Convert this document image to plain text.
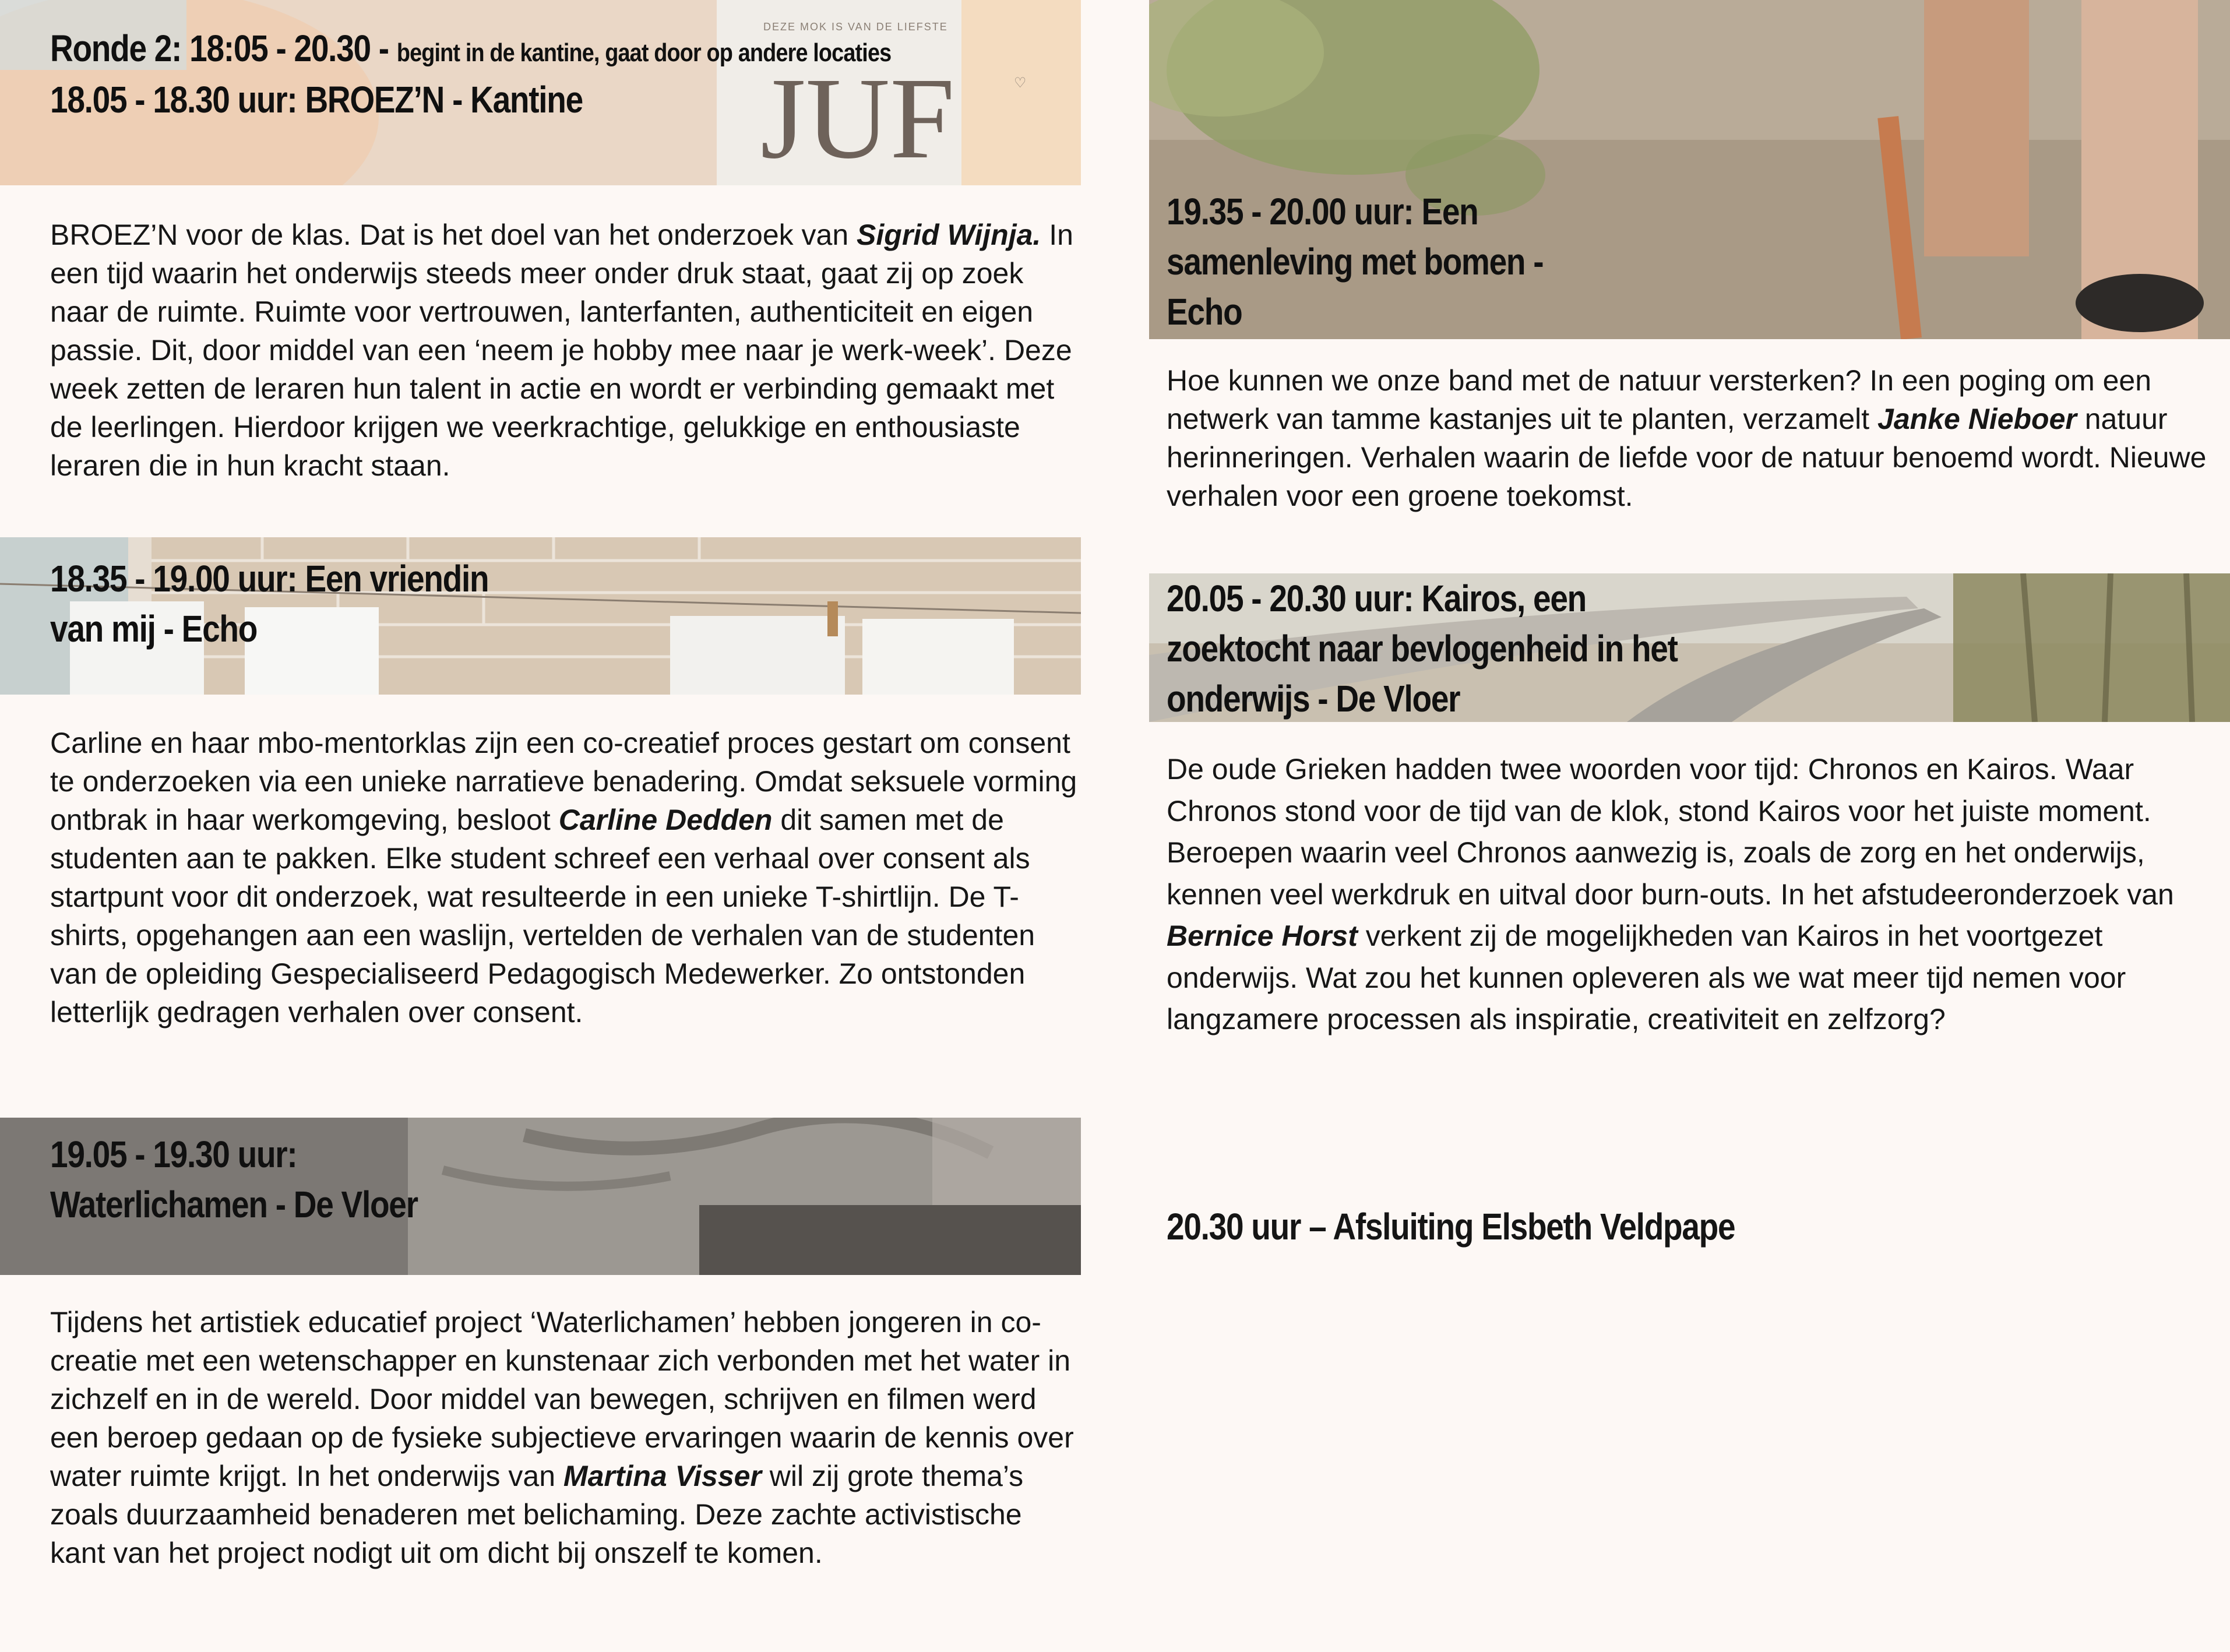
DEZE MOK IS VAN DE LIEFSTE
JUF	♡
Ronde 2: 18:05 - 20.30 - begint in de kantine, gaat door op andere locaties
18.05 - 18.30 uur: BROEZ’N - Kantine

BROEZ’N voor de klas. Dat is het doel van het onderzoek van Sigrid Wijnja. In een tijd waarin het onderwijs steeds meer onder druk staat, gaat zij op zoek naar de ruimte. Ruimte voor vertrouwen, lanterfanten, authenticiteit en eigen passie. Dit, door middel van een ‘neem je hobby mee naar je werk-week’. Deze week zetten de leraren hun talent in actie en wordt er verbinding gemaakt met de leerlingen. Hierdoor krijgen we veerkrachtige, gelukkige en enthousiaste leraren die in hun kracht staan.

18.35 - 19.00 uur: Een vriendin
van mij - Echo

Carline en haar mbo-mentorklas zijn een co-creatief proces gestart om consent te onderzoeken via een unieke narratieve benadering. Omdat seksuele vorming ontbrak in haar werkomgeving, besloot Carline Dedden dit samen met de studenten aan te pakken. Elke student schreef een verhaal over consent als startpunt voor dit onderzoek, wat resulteerde in een unieke T-shirtlijn. De T-shirts, opgehangen aan een waslijn, vertelden de verhalen van de studenten van de opleiding Gespecialiseerd Pedagogisch Medewerker. Zo ontstonden letterlijk gedragen verhalen over consent.

19.05 - 19.30 uur:
Waterlichamen - De Vloer

Tijdens het artistiek educatief project ‘Waterlichamen’ hebben jongeren in co-creatie met een wetenschapper en kunstenaar zich verbonden met het water in zichzelf en in de wereld. Door middel van bewegen, schrijven en filmen werd een beroep gedaan op de fysieke subjectieve ervaringen waarin de kennis over water ruimte krijgt. In het onderwijs van Martina Visser wil zij grote thema’s zoals duurzaamheid benaderen met belichaming. Deze zachte activistische kant van het project nodigt uit om dicht bij onszelf te komen.

19.35 - 20.00 uur: Een
samenleving met bomen -
Echo

Hoe kunnen we onze band met de natuur versterken? In een poging om een netwerk van tamme kastanjes uit te planten, verzamelt Janke Nieboer natuur herinneringen. Verhalen waarin de liefde voor de natuur benoemd wordt. Nieuwe verhalen voor een groene toekomst.

20.05 - 20.30 uur: Kairos, een
zoektocht naar bevlogenheid in het
onderwijs - De Vloer

De oude Grieken hadden twee woorden voor tijd: Chronos en Kairos. Waar Chronos stond voor de tijd van de klok, stond Kairos voor het juiste moment. Beroepen waarin veel Chronos aanwezig is, zoals de zorg en het onderwijs, kennen veel werkdruk en uitval door burn-outs. In het afstudeeronderzoek van Bernice Horst verkent zij de mogelijkheden van Kairos in het voortgezet onderwijs. Wat zou het kunnen opleveren als we wat meer tijd nemen voor langzamere processen als inspiratie, creativiteit en zelfzorg?

20.30 uur – Afsluiting Elsbeth Veldpape
